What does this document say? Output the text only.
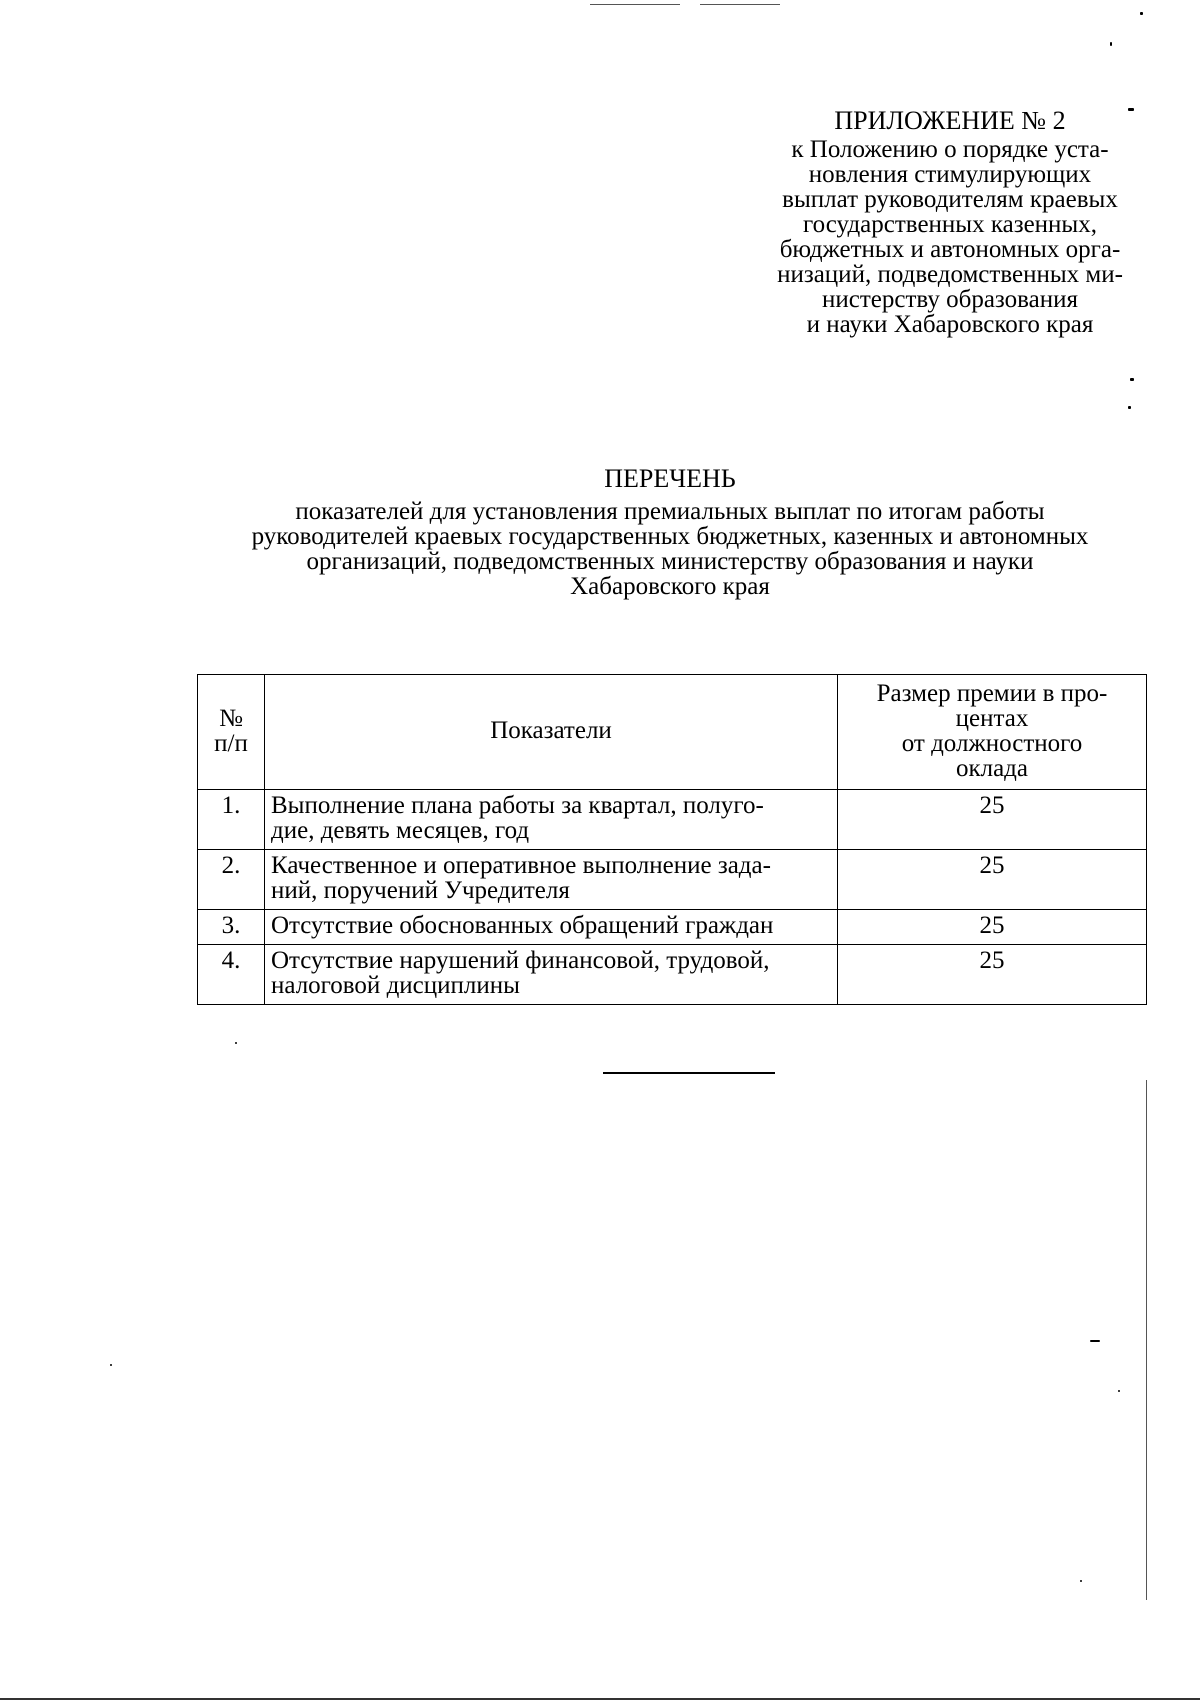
ПРИЛОЖЕНИЕ № 2
к Положению о порядке уста-
новления стимулирующих
выплат руководителям краевых
государственных казенных,
бюджетных и автономных орга-
низаций, подведомственных ми-
нистерству образования
и науки Хабаровского края
ПЕРЕЧЕНЬ
показателей для установления премиальных выплат по итогам работы
руководителей краевых государственных бюджетных, казенных и автономных
организаций, подведомственных министерству образования и науки
Хабаровского края
№
п/п	Показатели	Размер премии в про-
центах
от должностного
оклада
1.	Выполнение плана работы за квартал, полуго-
дие, девять месяцев, год	25
2.	Качественное и оперативное выполнение зада-
ний, поручений Учредителя	25
3.	Отсутствие обоснованных обращений граждан	25
4.	Отсутствие нарушений финансовой, трудовой,
налоговой дисциплины	25
